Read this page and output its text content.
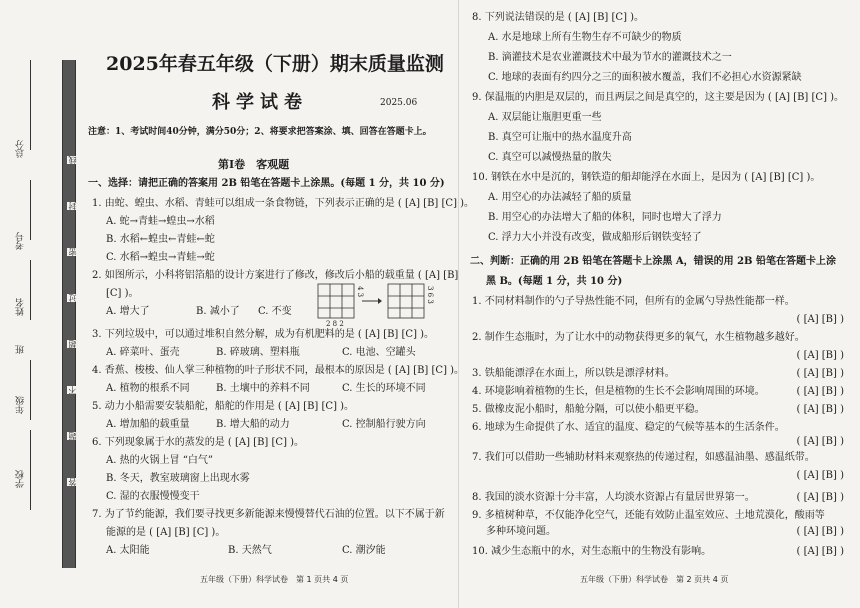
总分
考号
姓名
班
年级
学校
线
封
密
过
超
不
题
答
2025年春五年级（下册）期末质量监测
科学试卷	2025.06
注意：1、考试时间40分钟，满分50分；2、将要求把答案涂、填、回答在答题卡上。
第Ⅰ卷　客观题
一、选择：请把正确的答案用 2B 铅笔在答题卡上涂黑。(每题 1 分，共 10 分)
1. 由蛇、蝗虫、水稻、青蛙可以组成一条食物链，下列表示正确的是 ( [A] [B] [C] )。
A. 蛇→青蛙→蝗虫→水稻
B. 水稻←蝗虫←青蛙←蛇
C. 水稻→蝗虫→青蛙→蛇
2. 如图所示，小科将铝箔船的设计方案进行了修改，修改后小船的载重量 ( [A] [B]
[C] )。
A. 增大了	B. 减小了 C. 不变
2 8 2
4 3	3 6 3
3. 下列垃圾中，可以通过堆积自然分解，成为有机肥料的是 ( [A] [B] [C] )。
A. 碎菜叶、蛋壳	B. 碎玻璃、塑料瓶	C. 电池、空罐头
4. 香蕉、梭梭、仙人掌三种植物的叶子形状不同，最根本的原因是 ( [A] [B] [C] )。
A. 植物的根系不同	B. 土壤中的养料不同	C. 生长的环境不同
5. 动力小船需要安装船舵，船舵的作用是 ( [A] [B] [C] )。
A. 增加船的载重量	B. 增大船的动力	C. 控制船行驶方向
6. 下列现象属于水的蒸发的是 ( [A] [B] [C] )。
A. 热的火锅上冒 “白气”
B. 冬天，教室玻璃窗上出现水雾
C. 湿的衣服慢慢变干
7. 为了节约能源，我们要寻找更多新能源来慢慢替代石油的位置。以下不属于新
能源的是 ( [A] [B] [C] )。
A. 太阳能	B. 天然气	C. 潮汐能
五年级（下册）科学试卷　第 1 页共 4 页
8. 下列说法错误的是 ( [A] [B] [C] )。
A. 水是地球上所有生物生存不可缺少的物质
B. 滴灌技术是农业灌溉技术中最为节水的灌溉技术之一
C. 地球的表面有约四分之三的面积被水覆盖，我们不必担心水资源紧缺
9. 保温瓶的内胆是双层的，而且两层之间是真空的，这主要是因为 ( [A] [B] [C] )。
A. 双层能让瓶胆更重一些
B. 真空可让瓶中的热水温度升高
C. 真空可以减慢热量的散失
10. 钢铁在水中是沉的，钢铁造的船却能浮在水面上，是因为 ( [A] [B] [C] )。
A. 用空心的办法减轻了船的质量
B. 用空心的办法增大了船的体积，同时也增大了浮力
C. 浮力大小并没有改变，做成船形后钢铁变轻了
二、判断：正确的用 2B 铅笔在答题卡上涂黑 A，错误的用 2B 铅笔在答题卡上涂
黑 B。(每题 1 分，共 10 分)
1. 不同材料制作的勺子导热性能不同，但所有的金属勺导热性能都一样。
( [A] [B] )
2. 制作生态瓶时，为了让水中的动物获得更多的氧气，水生植物越多越好。
( [A] [B] )
3. 铁船能漂浮在水面上，所以铁是漂浮材料。	( [A] [B] )
4. 环境影响着植物的生长，但是植物的生长不会影响周围的环境。	( [A] [B] )
5. 做橡皮泥小船时，船舱分隔，可以使小船更平稳。	( [A] [B] )
6. 地球为生命提供了水、适宜的温度、稳定的气候等基本的生活条件。
( [A] [B] )
7. 我们可以借助一些辅助材料来观察热的传递过程，如感温油墨、感温纸带。
( [A] [B] )
8. 我国的淡水资源十分丰富，人均淡水资源占有量居世界第一。	( [A] [B] )
9. 多植树种草，不仅能净化空气，还能有效防止温室效应、土地荒漠化，酸雨等
多种环境问题。	( [A] [B] )
10. 减少生态瓶中的水，对生态瓶中的生物没有影响。	( [A] [B] )
五年级（下册）科学试卷　第 2 页共 4 页
